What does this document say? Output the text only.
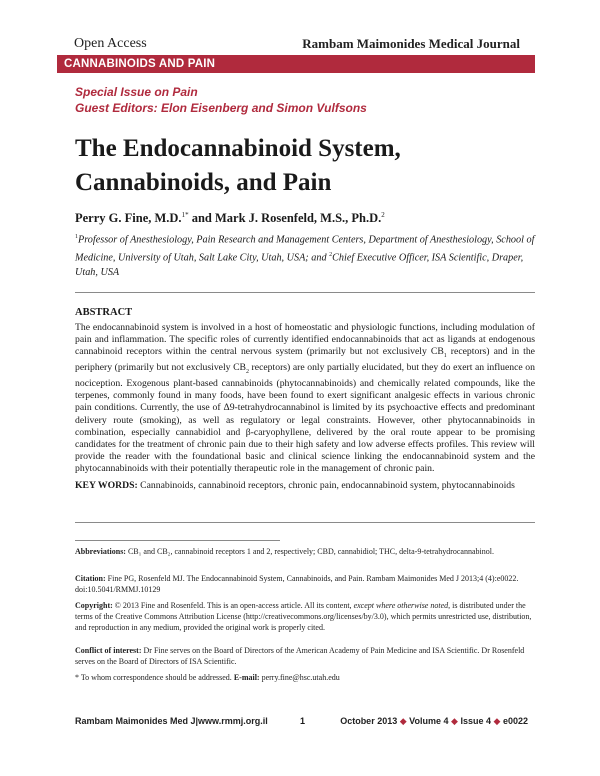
Open Access	Rambam Maimonides Medical Journal
CANNABINOIDS AND PAIN
Special Issue on Pain
Guest Editors: Elon Eisenberg and Simon Vulfsons
The Endocannabinoid System,
Cannabinoids, and Pain
Perry G. Fine, M.D.$^{1*}$ and Mark J. Rosenfeld, M.S., Ph.D.$^2$
$^1$Professor of Anesthesiology, Pain Research and Management Centers, Department of Anesthesiology, School of Medicine, University of Utah, Salt Lake City, Utah, USA; and $^2$Chief Executive Officer, ISA Scientific, Draper, Utah, USA
ABSTRACT
The endocannabinoid system is involved in a host of homeostatic and physiologic functions, including modulation of pain and inflammation. The specific roles of currently identified endocannabinoids that act as ligands at endogenous cannabinoid receptors within the central nervous system (primarily but not exclusively $CB_1$ receptors) and in the periphery (primarily but not exclusively $CB_2$ receptors) are only partially elucidated, but they do exert an influence on nociception. Exogenous plant-based cannabinoids (phytocannabinoids) and chemically related compounds, like the terpenes, commonly found in many foods, have been found to exert significant analgesic effects in various chronic pain conditions. Currently, the use of Δ9-tetrahydrocannabinol is limited by its psychoactive effects and predominant delivery route (smoking), as well as regulatory or legal constraints. However, other phytocannabinoids in combination, especially cannabidiol and β-caryophyllene, delivered by the oral route appear to be promising candidates for the treatment of chronic pain due to their high safety and low adverse effects profiles. This review will provide the reader with the foundational basic and clinical science linking the endocannabinoid system and the phytocannabinoids with their potentially therapeutic role in the management of chronic pain.
KEY WORDS: Cannabinoids, cannabinoid receptors, chronic pain, endocannabinoid system, phytocannabinoids
Abbreviations: CB₁ and CB₂, cannabinoid receptors 1 and 2, respectively; CBD, cannabidiol; THC, delta-9-tetrahydrocannabinol.
Citation: Fine PG, Rosenfeld MJ. The Endocannabinoid System, Cannabinoids, and Pain. Rambam Maimonides Med J 2013;4 (4):e0022. doi:10.5041/RMMJ.10129
Copyright: © 2013 Fine and Rosenfeld. This is an open-access article. All its content, except where otherwise noted, is distributed under the terms of the Creative Commons Attribution License (http://creativecommons.org/licenses/by/3.0), which permits unrestricted use, distribution, and reproduction in any medium, provided the original work is properly cited.
Conflict of interest: Dr Fine serves on the Board of Directors of the American Academy of Pain Medicine and ISA Scientific. Dr Rosenfeld serves on the Board of Directors of ISA Scientific.
* To whom correspondence should be addressed. E-mail: perry.fine@hsc.utah.edu
Rambam Maimonides Med J|www.rmmj.org.il	1	October 2013 ◆ Volume 4 ◆ Issue 4 ◆ e0022
